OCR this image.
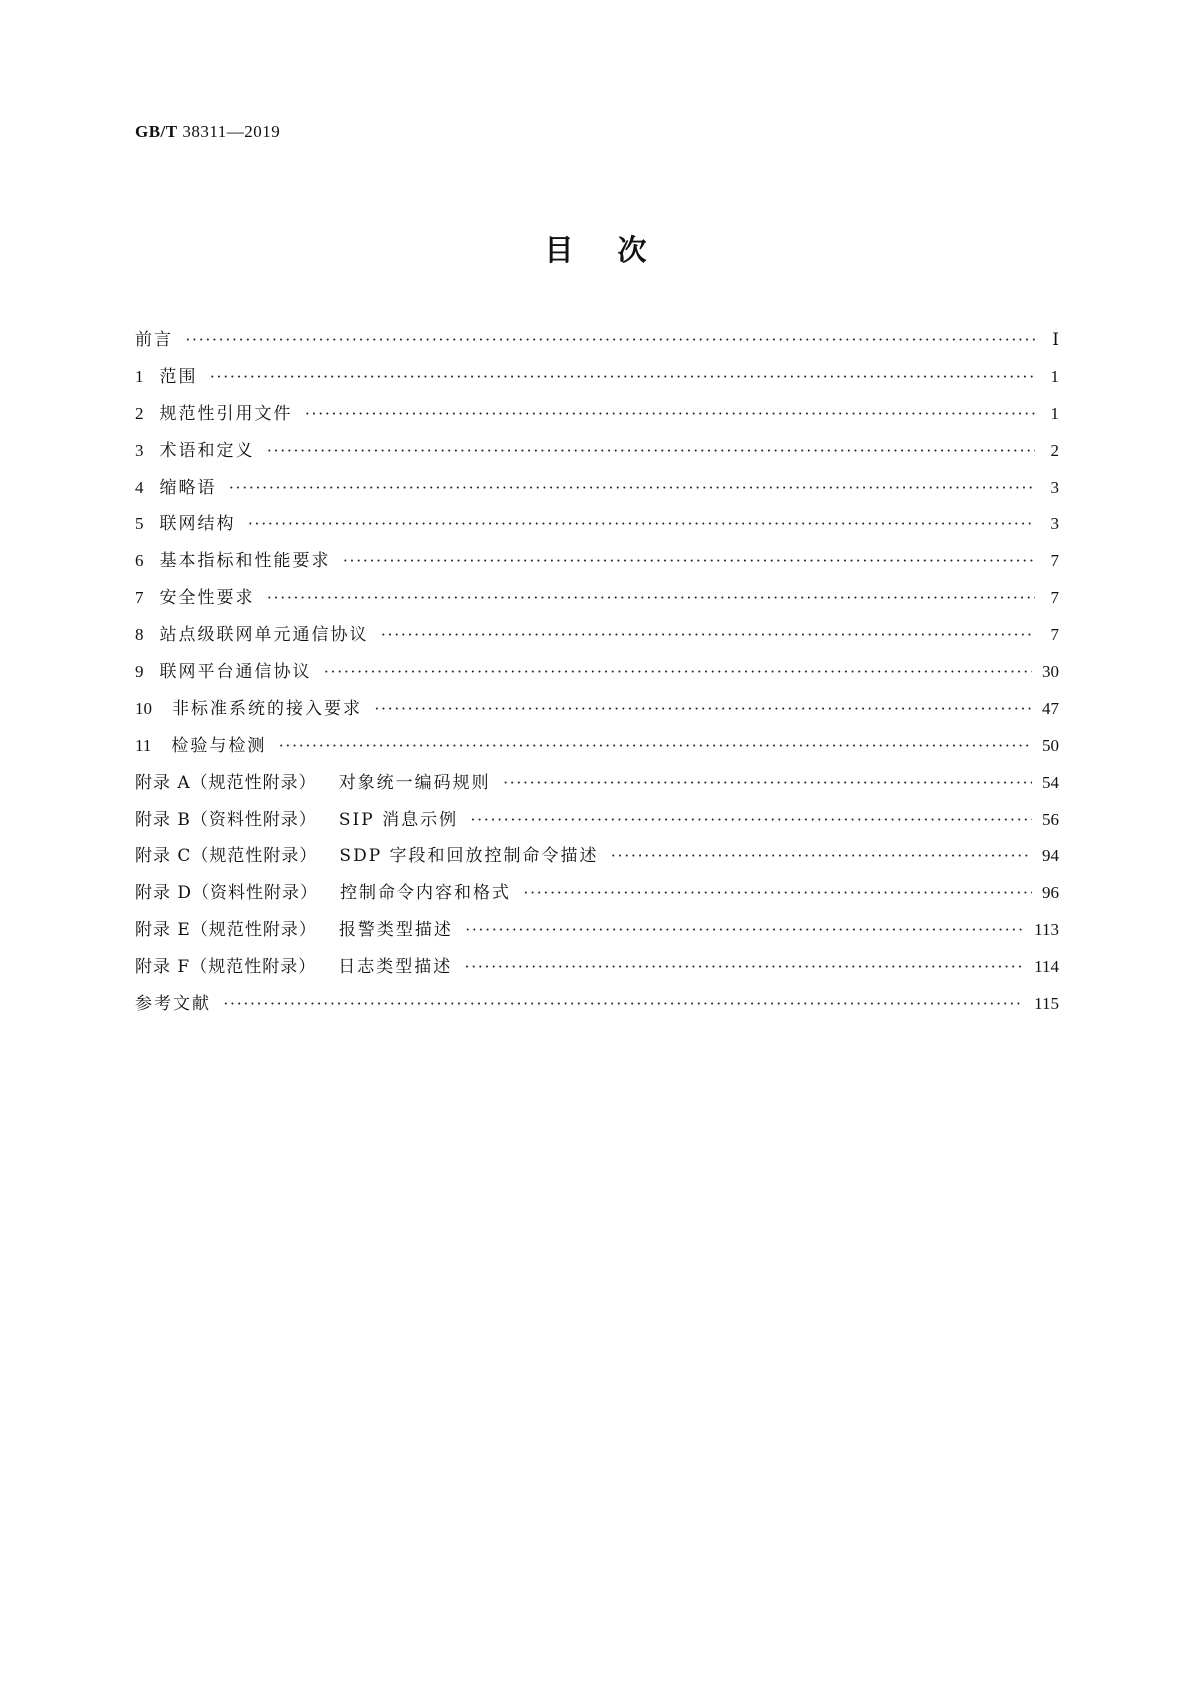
GB/T 38311—2019
目次
前言 ·····	Ⅰ
1 范围 ·····	1
2 规范性引用文件 ·····	1
3 术语和定义 ·····	2
4 缩略语 ·····	3
5 联网结构 ·····	3
6 基本指标和性能要求 ·····	7
7 安全性要求 ·····	7
8 站点级联网单元通信协议 ·····	7
9 联网平台通信协议 ·····	30
10 非标准系统的接入要求 ·····	47
11 检验与检测 ·····	50
附录 A（规范性附录） 对象统一编码规则 ·····	54
附录 B（资料性附录） SIP 消息示例 ·····	56
附录 C（规范性附录） SDP 字段和回放控制命令描述 ·····	94
附录 D（资料性附录） 控制命令内容和格式 ·····	96
附录 E（规范性附录） 报警类型描述 ·····	113
附录 F（规范性附录） 日志类型描述 ·····	114
参考文献 ·····	115
